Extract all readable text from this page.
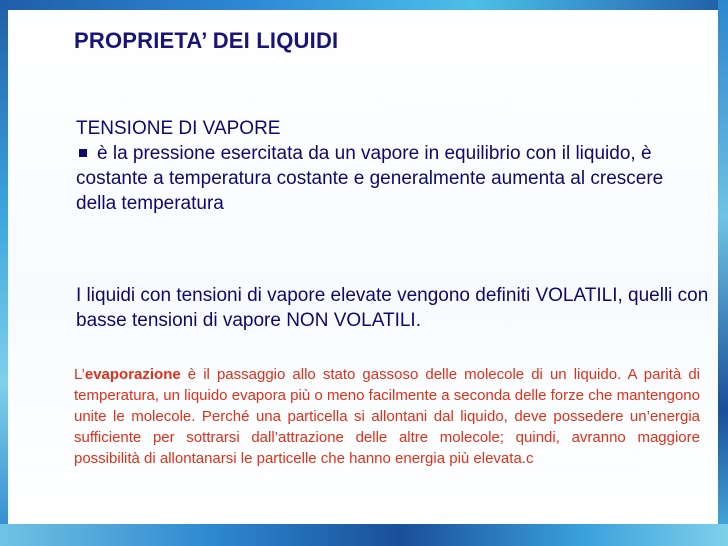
PROPRIETA’ DEI LIQUIDI
TENSIONE DI VAPORE
è la pressione esercitata da un vapore in equilibrio con il liquido, è costante a temperatura costante e generalmente aumenta al crescere della temperatura
I liquidi con tensioni di vapore elevate vengono definiti VOLATILI, quelli con basse tensioni di vapore NON VOLATILI.
L’evaporazione è il passaggio allo stato gassoso delle molecole di un liquido. A parità di temperatura, un liquido evapora più o meno facilmente a seconda delle forze che mantengono unite le molecole. Perché una particella si allontani dal liquido, deve possedere un’energia sufficiente per sottrarsi dall’attrazione delle altre molecole; quindi, avranno maggiore possibilità di allontanarsi le particelle che hanno energia più elevata.c
